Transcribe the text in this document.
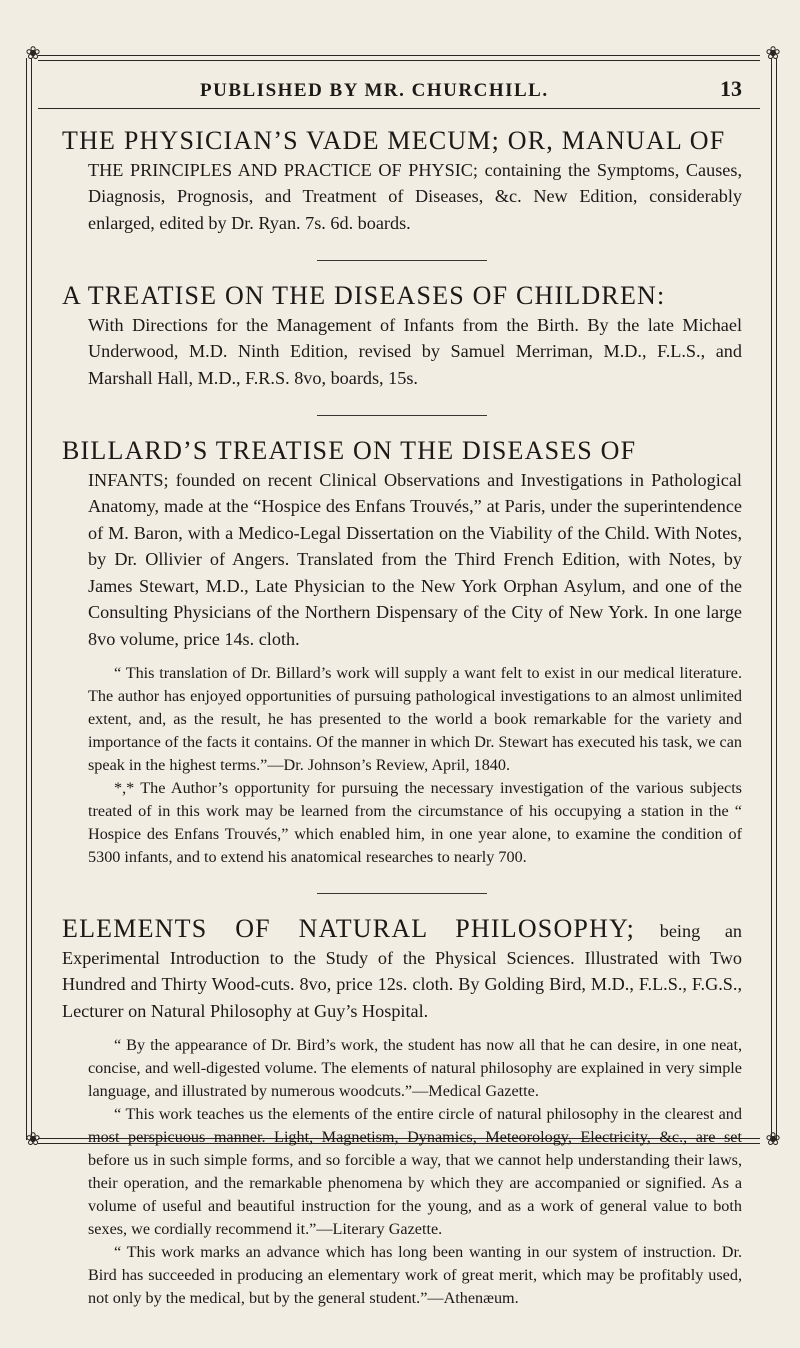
❀	❀
❀	❀
PUBLISHED BY MR. CHURCHILL.	13

THE PHYSICIAN’S VADE MECUM; OR, MANUAL OF
THE PRINCIPLES AND PRACTICE OF PHYSIC; containing the Symptoms, Causes, Diagnosis, Prognosis, and Treatment of Diseases, &c. New Edition, considerably enlarged, edited by Dr. Ryan. 7s. 6d. boards.

A TREATISE ON THE DISEASES OF CHILDREN:
With Directions for the Management of Infants from the Birth. By the late Michael Underwood, M.D. Ninth Edition, revised by Samuel Merriman, M.D., F.L.S., and Marshall Hall, M.D., F.R.S. 8vo, boards, 15s.

BILLARD’S TREATISE ON THE DISEASES OF
INFANTS; founded on recent Clinical Observations and Investigations in Pathological Anatomy, made at the “Hospice des Enfans Trouvés,” at Paris, under the superintendence of M. Baron, with a Medico-Legal Dissertation on the Viability of the Child. With Notes, by Dr. Ollivier of Angers. Translated from the Third French Edition, with Notes, by James Stewart, M.D., Late Physician to the New York Orphan Asylum, and one of the Consulting Physicians of the Northern Dispensary of the City of New York. In one large 8vo volume, price 14s. cloth.

“ This translation of Dr. Billard’s work will supply a want felt to exist in our medical literature. The author has enjoyed opportunities of pursuing pathological investigations to an almost unlimited extent, and, as the result, he has presented to the world a book remarkable for the variety and importance of the facts it contains. Of the manner in which Dr. Stewart has executed his task, we can speak in the highest terms.”—Dr. Johnson’s Review, April, 1840.

*,* The Author’s opportunity for pursuing the necessary investigation of the various subjects treated of in this work may be learned from the circumstance of his occupying a station in the “ Hospice des Enfans Trouvés,” which enabled him, in one year alone, to examine the condition of 5300 infants, and to extend his anatomical researches to nearly 700.

ELEMENTS OF NATURAL PHILOSOPHY; being an Experimental Introduction to the Study of the Physical Sciences. Illustrated with Two Hundred and Thirty Wood-cuts. 8vo, price 12s. cloth. By Golding Bird, M.D., F.L.S., F.G.S., Lecturer on Natural Philosophy at Guy’s Hospital.

“ By the appearance of Dr. Bird’s work, the student has now all that he can desire, in one neat, concise, and well-digested volume. The elements of natural philosophy are explained in very simple language, and illustrated by numerous woodcuts.”—Medical Gazette.

“ This work teaches us the elements of the entire circle of natural philosophy in the clearest and most perspicuous manner. Light, Magnetism, Dynamics, Meteorology, Electricity, &c., are set before us in such simple forms, and so forcible a way, that we cannot help understanding their laws, their operation, and the remarkable phenomena by which they are accompanied or signified. As a volume of useful and beautiful instruction for the young, and as a work of general value to both sexes, we cordially recommend it.”—Literary Gazette.

“ This work marks an advance which has long been wanting in our system of instruction. Dr. Bird has succeeded in producing an elementary work of great merit, which may be profitably used, not only by the medical, but by the general student.”—Athenæum.
